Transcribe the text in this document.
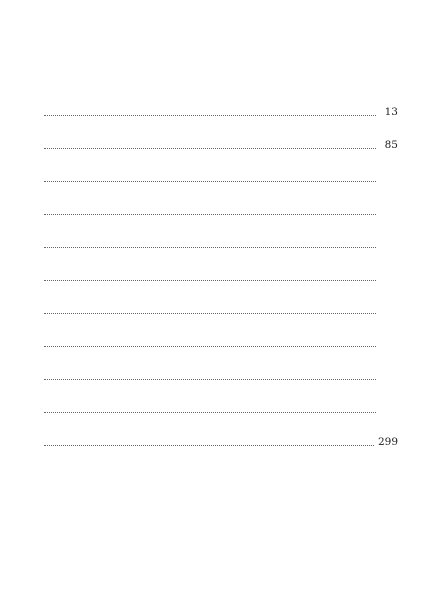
13
85
299
